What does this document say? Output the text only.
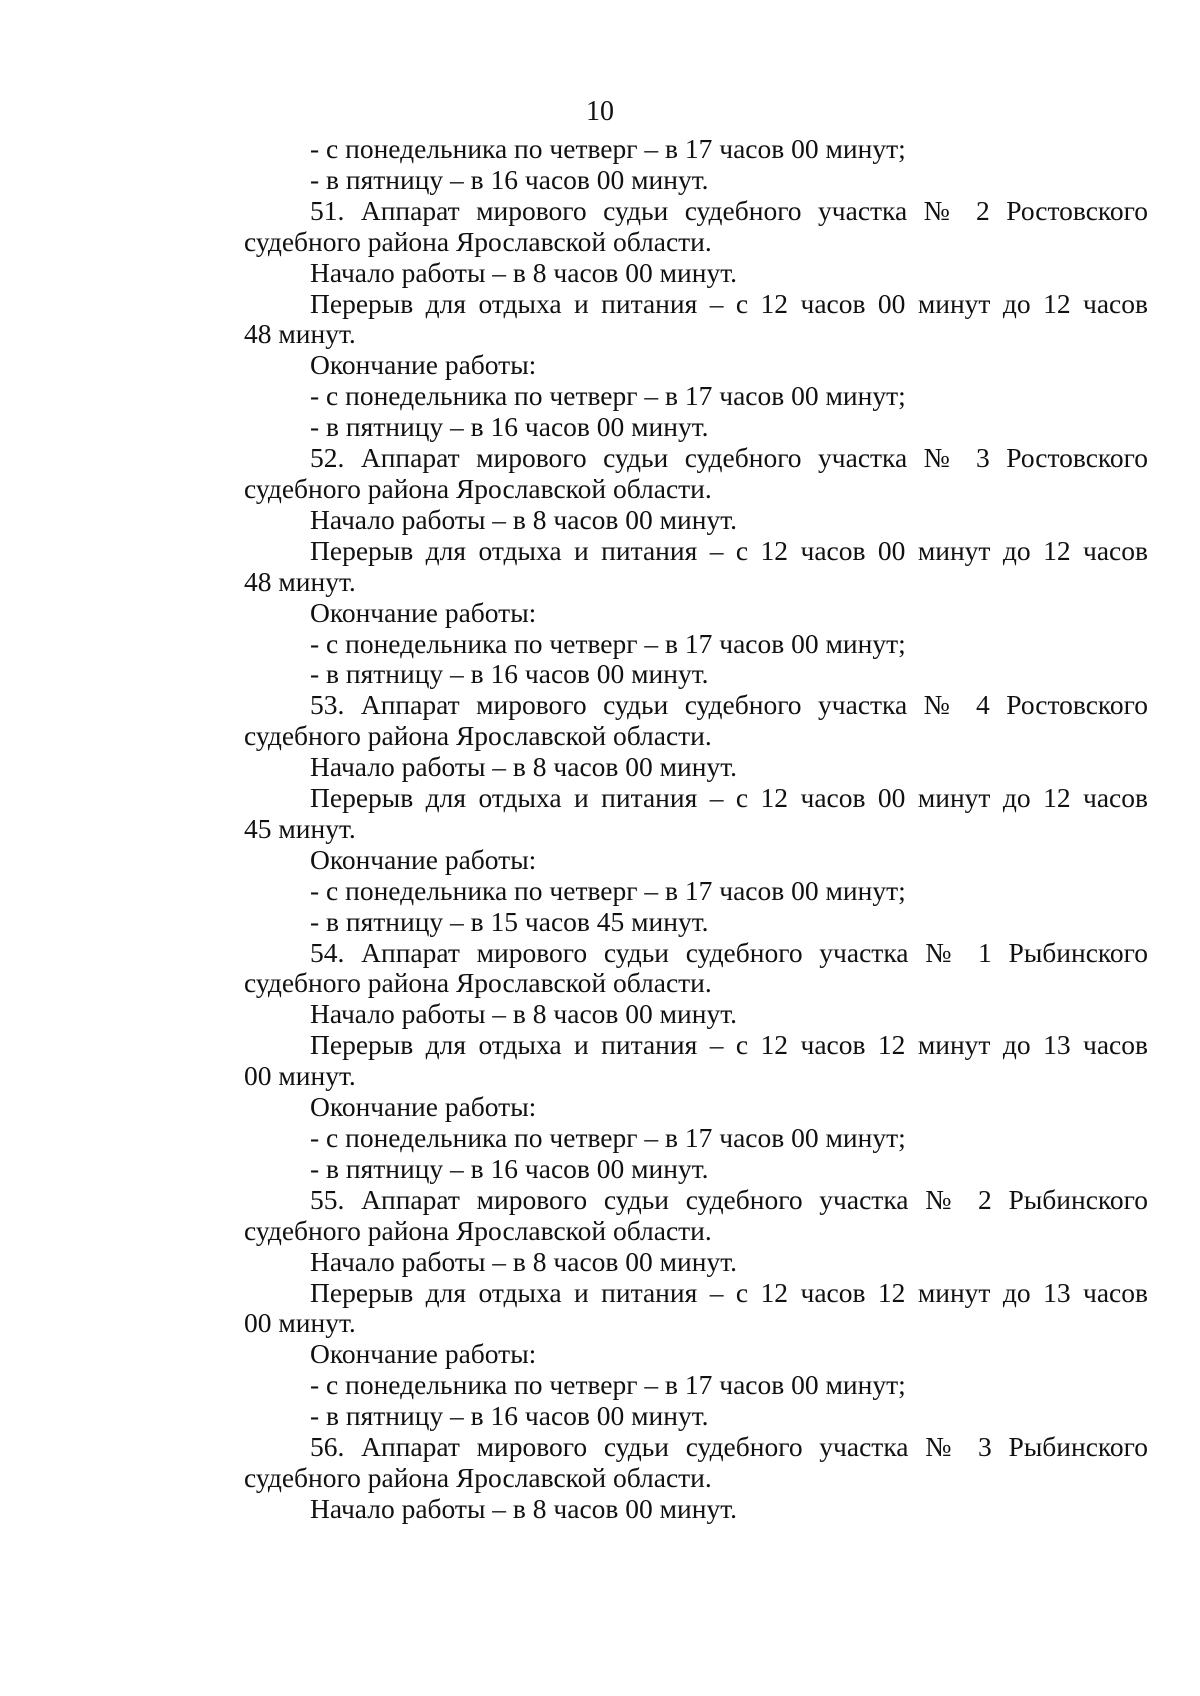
10
- с понедельника по четверг – в 17 часов 00 минут;
- в пятницу – в 16 часов 00 минут.
51. Аппарат мирового судьи судебного участка № 2 Ростовского
судебного района Ярославской области.
Начало работы – в 8 часов 00 минут.
Перерыв для отдыха и питания – с 12 часов 00 минут до 12 часов
48 минут.
Окончание работы:
- с понедельника по четверг – в 17 часов 00 минут;
- в пятницу – в 16 часов 00 минут.
52. Аппарат мирового судьи судебного участка № 3 Ростовского
судебного района Ярославской области.
Начало работы – в 8 часов 00 минут.
Перерыв для отдыха и питания – с 12 часов 00 минут до 12 часов
48 минут.
Окончание работы:
- с понедельника по четверг – в 17 часов 00 минут;
- в пятницу – в 16 часов 00 минут.
53. Аппарат мирового судьи судебного участка № 4 Ростовского
судебного района Ярославской области.
Начало работы – в 8 часов 00 минут.
Перерыв для отдыха и питания – с 12 часов 00 минут до 12 часов
45 минут.
Окончание работы:
- с понедельника по четверг – в 17 часов 00 минут;
- в пятницу – в 15 часов 45 минут.
54. Аппарат мирового судьи судебного участка № 1 Рыбинского
судебного района Ярославской области.
Начало работы – в 8 часов 00 минут.
Перерыв для отдыха и питания – с 12 часов 12 минут до 13 часов
00 минут.
Окончание работы:
- с понедельника по четверг – в 17 часов 00 минут;
- в пятницу – в 16 часов 00 минут.
55. Аппарат мирового судьи судебного участка № 2 Рыбинского
судебного района Ярославской области.
Начало работы – в 8 часов 00 минут.
Перерыв для отдыха и питания – с 12 часов 12 минут до 13 часов
00 минут.
Окончание работы:
- с понедельника по четверг – в 17 часов 00 минут;
- в пятницу – в 16 часов 00 минут.
56. Аппарат мирового судьи судебного участка № 3 Рыбинского
судебного района Ярославской области.
Начало работы – в 8 часов 00 минут.
